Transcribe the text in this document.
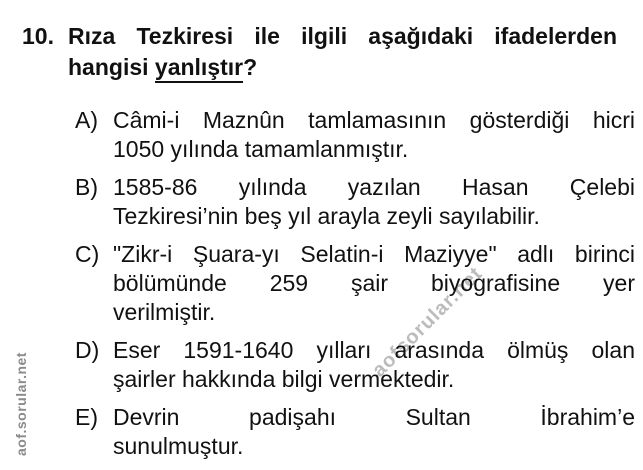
aof.sorular.net
aofsorular.net
10. Rıza Tezkiresi ile ilgili aşağıdaki ifadelerden
hangisi yanlıştır?
A) Câmi-i Maznûn tamlamasının gösterdiği hicri
1050 yılında tamamlanmıştır.
B) 1585-86 yılında yazılan Hasan Çelebi
Tezkiresi’nin beş yıl arayla zeyli sayılabilir.
C) "Zikr-i Şuara-yı Selatin-i Maziyye" adlı birinci
bölümünde 259 şair biyografisine yer
verilmiştir.
D) Eser 1591-1640 yılları arasında ölmüş olan
şairler hakkında bilgi vermektedir.
E) Devrin padişahı Sultan İbrahim’e
sunulmuştur.
